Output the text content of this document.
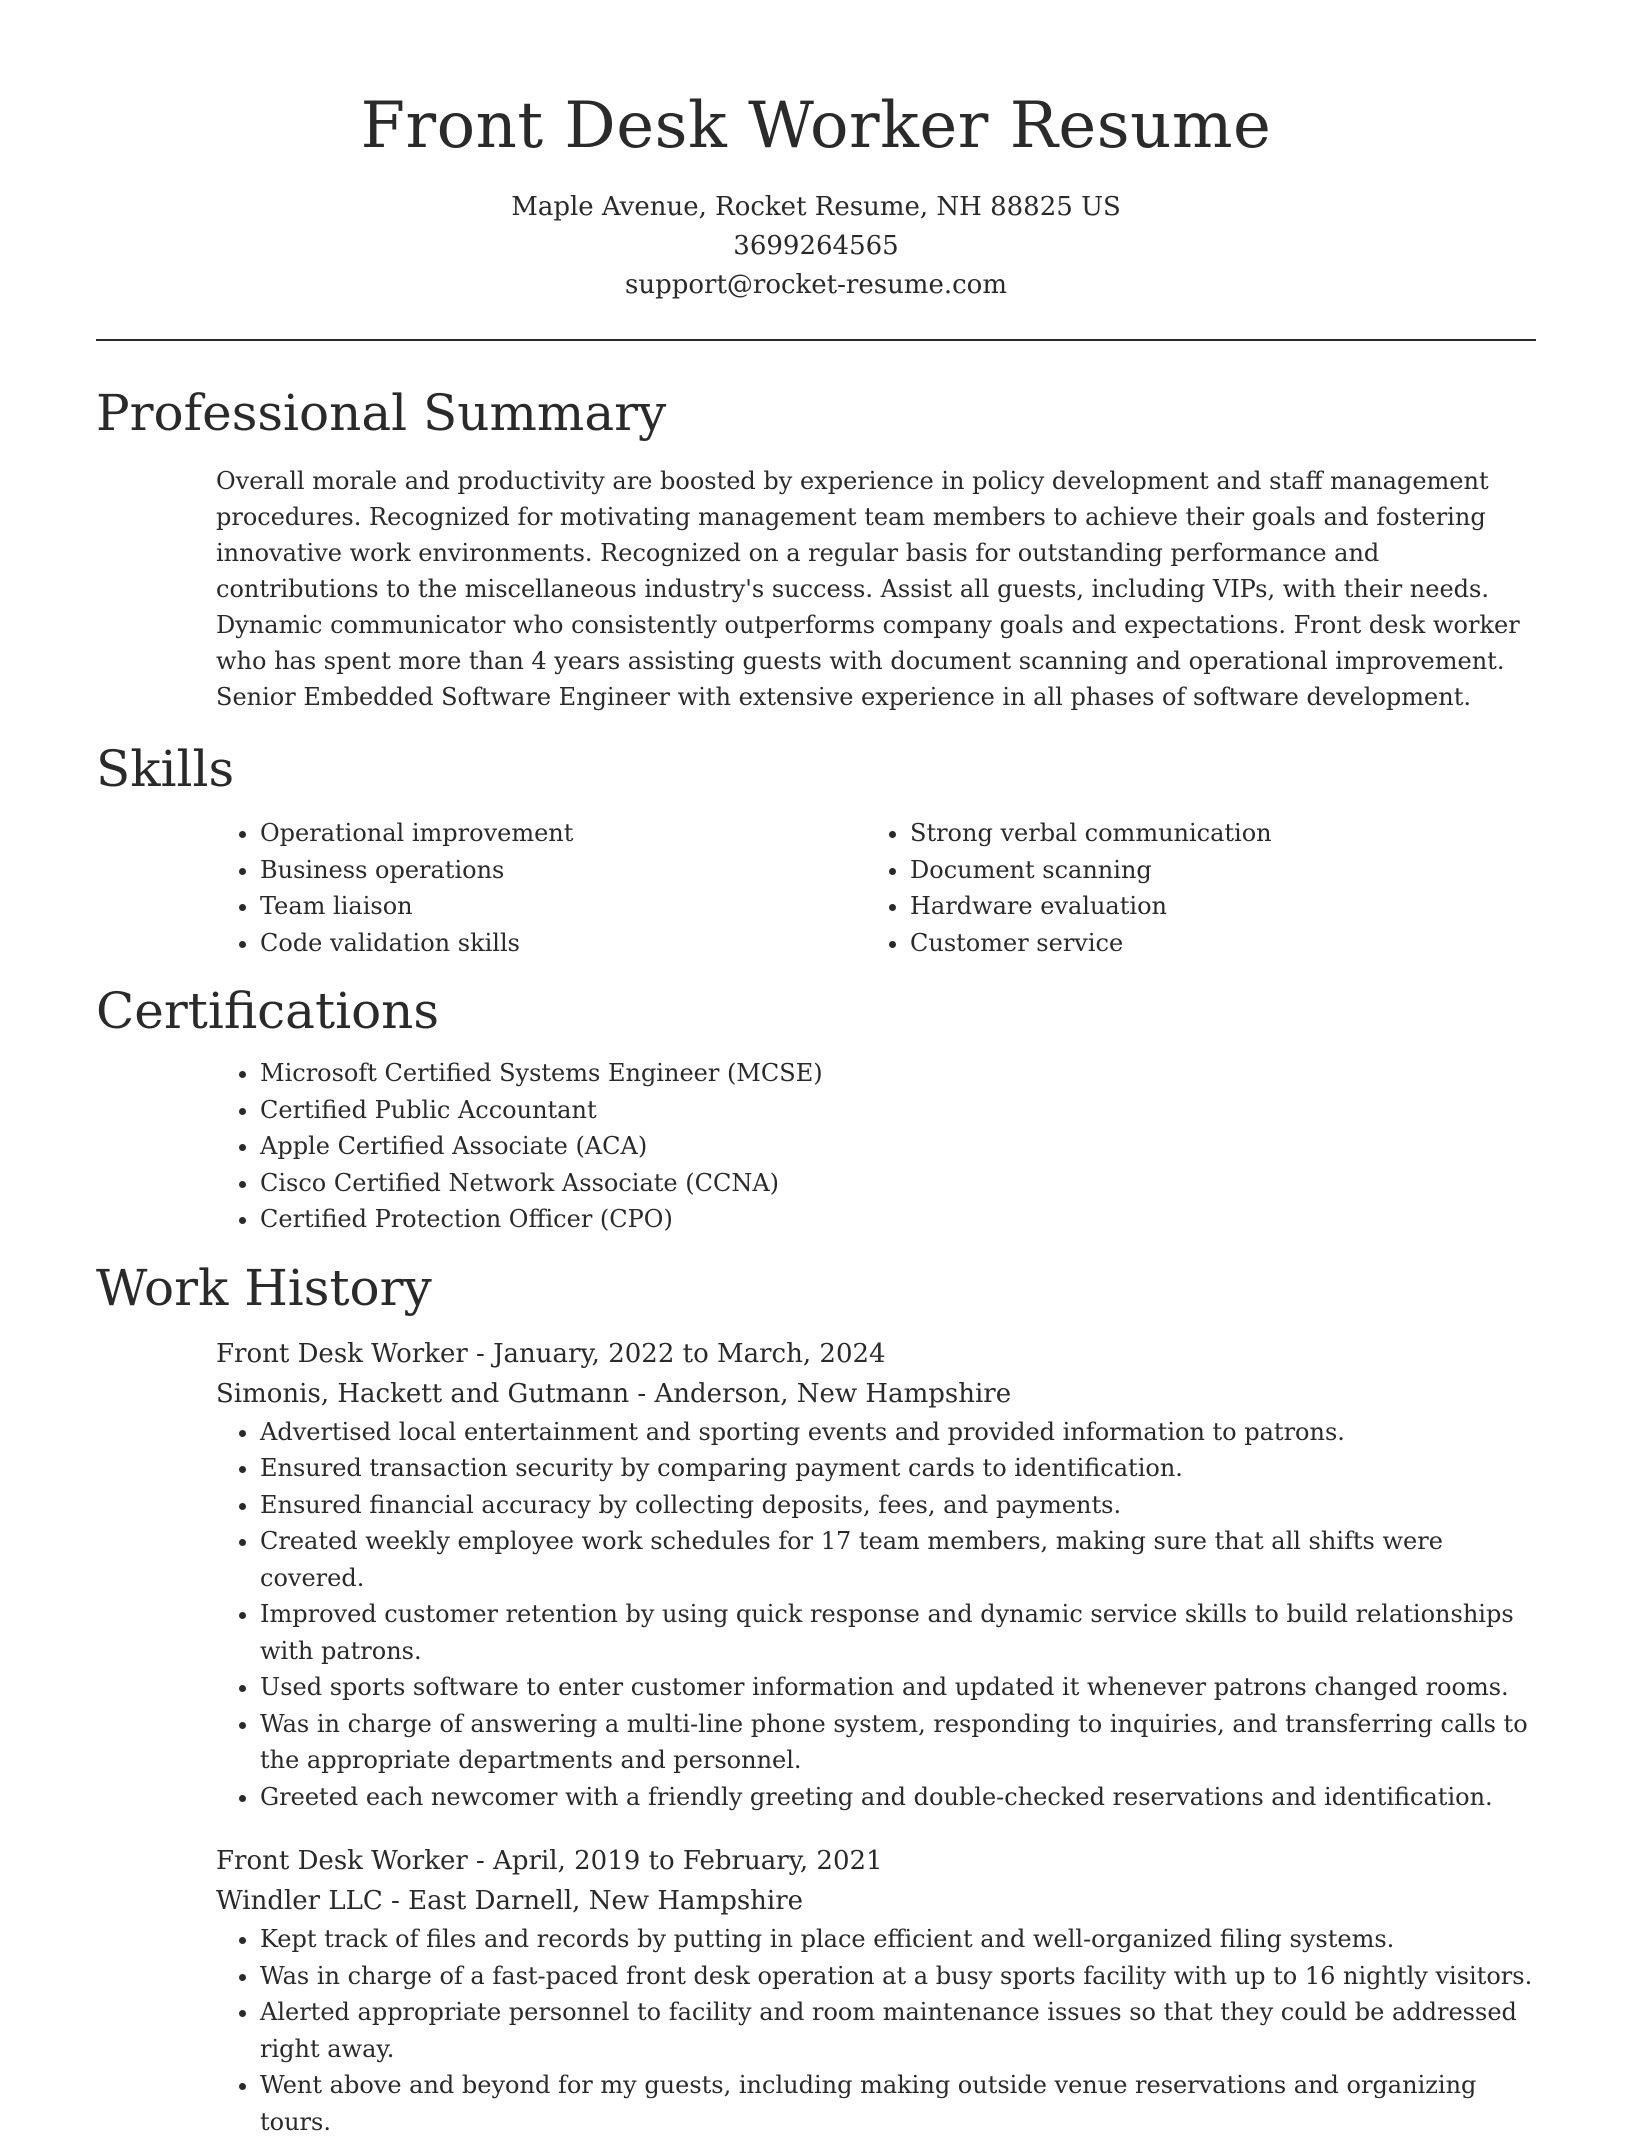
Front Desk Worker Resume
Maple Avenue, Rocket Resume, NH 88825 US
3699264565
support@rocket-resume.com
Professional Summary
Overall morale and productivity are boosted by experience in policy development and staff management procedures. Recognized for motivating management team members to achieve their goals and fostering innovative work environments. Recognized on a regular basis for outstanding performance and contributions to the miscellaneous industry's success. Assist all guests, including VIPs, with their needs. Dynamic communicator who consistently outperforms company goals and expectations. Front desk worker who has spent more than 4 years assisting guests with document scanning and operational improvement. Senior Embedded Software Engineer with extensive experience in all phases of software development.
Skills
• Operational improvement
• Business operations
• Team liaison
• Code validation skills
• Strong verbal communication
• Document scanning
• Hardware evaluation
• Customer service
Certifications
• Microsoft Certified Systems Engineer (MCSE)
• Certified Public Accountant
• Apple Certified Associate (ACA)
• Cisco Certified Network Associate (CCNA)
• Certified Protection Officer (CPO)
Work History
Front Desk Worker - January, 2022 to March, 2024
Simonis, Hackett and Gutmann - Anderson, New Hampshire
• Advertised local entertainment and sporting events and provided information to patrons.
• Ensured transaction security by comparing payment cards to identification.
• Ensured financial accuracy by collecting deposits, fees, and payments.
• Created weekly employee work schedules for 17 team members, making sure that all shifts were covered.
• Improved customer retention by using quick response and dynamic service skills to build relationships with patrons.
• Used sports software to enter customer information and updated it whenever patrons changed rooms.
• Was in charge of answering a multi-line phone system, responding to inquiries, and transferring calls to the appropriate departments and personnel.
• Greeted each newcomer with a friendly greeting and double-checked reservations and identification.
Front Desk Worker - April, 2019 to February, 2021
Windler LLC - East Darnell, New Hampshire
• Kept track of files and records by putting in place efficient and well-organized filing systems.
• Was in charge of a fast-paced front desk operation at a busy sports facility with up to 16 nightly visitors.
• Alerted appropriate personnel to facility and room maintenance issues so that they could be addressed right away.
• Went above and beyond for my guests, including making outside venue reservations and organizing tours.
